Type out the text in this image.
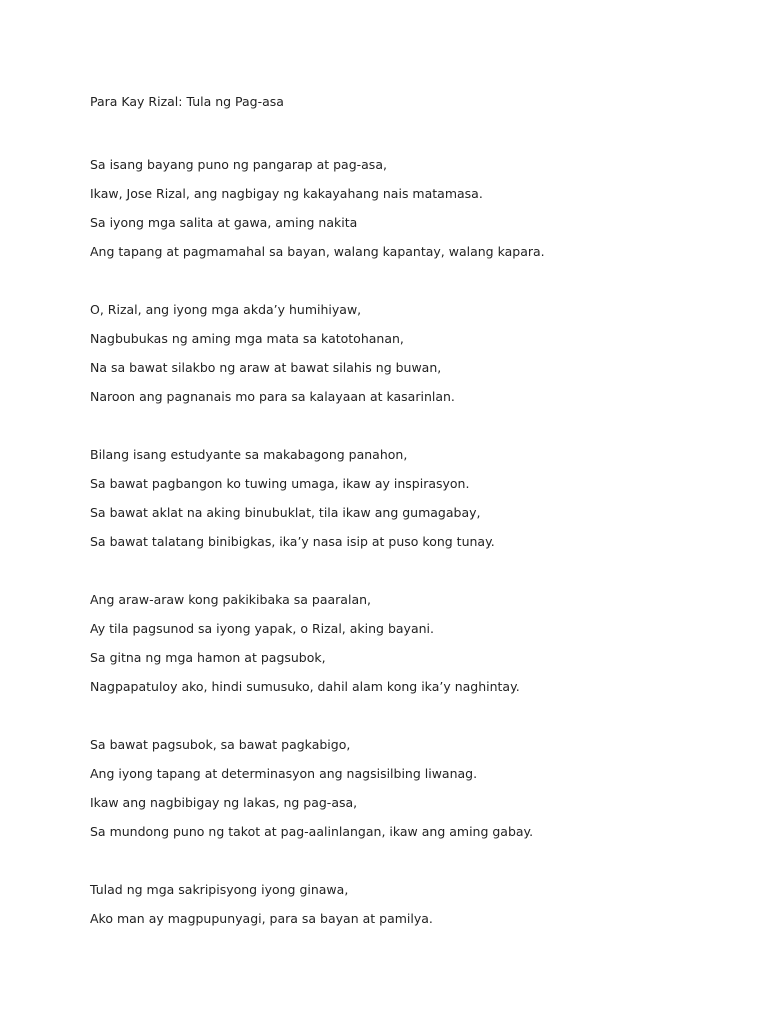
Para Kay Rizal: Tula ng Pag-asa
Sa isang bayang puno ng pangarap at pag-asa,
Ikaw, Jose Rizal, ang nagbigay ng kakayahang nais matamasa.
Sa iyong mga salita at gawa, aming nakita
Ang tapang at pagmamahal sa bayan, walang kapantay, walang kapara.
O, Rizal, ang iyong mga akda’y humihiyaw,
Nagbubukas ng aming mga mata sa katotohanan,
Na sa bawat silakbo ng araw at bawat silahis ng buwan,
Naroon ang pagnanais mo para sa kalayaan at kasarinlan.
Bilang isang estudyante sa makabagong panahon,
Sa bawat pagbangon ko tuwing umaga, ikaw ay inspirasyon.
Sa bawat aklat na aking binubuklat, tila ikaw ang gumagabay,
Sa bawat talatang binibigkas, ika’y nasa isip at puso kong tunay.
Ang araw-araw kong pakikibaka sa paaralan,
Ay tila pagsunod sa iyong yapak, o Rizal, aking bayani.
Sa gitna ng mga hamon at pagsubok,
Nagpapatuloy ako, hindi sumusuko, dahil alam kong ika’y naghintay.
Sa bawat pagsubok, sa bawat pagkabigo,
Ang iyong tapang at determinasyon ang nagsisilbing liwanag.
Ikaw ang nagbibigay ng lakas, ng pag-asa,
Sa mundong puno ng takot at pag-aalinlangan, ikaw ang aming gabay.
Tulad ng mga sakripisyong iyong ginawa,
Ako man ay magpupunyagi, para sa bayan at pamilya.
